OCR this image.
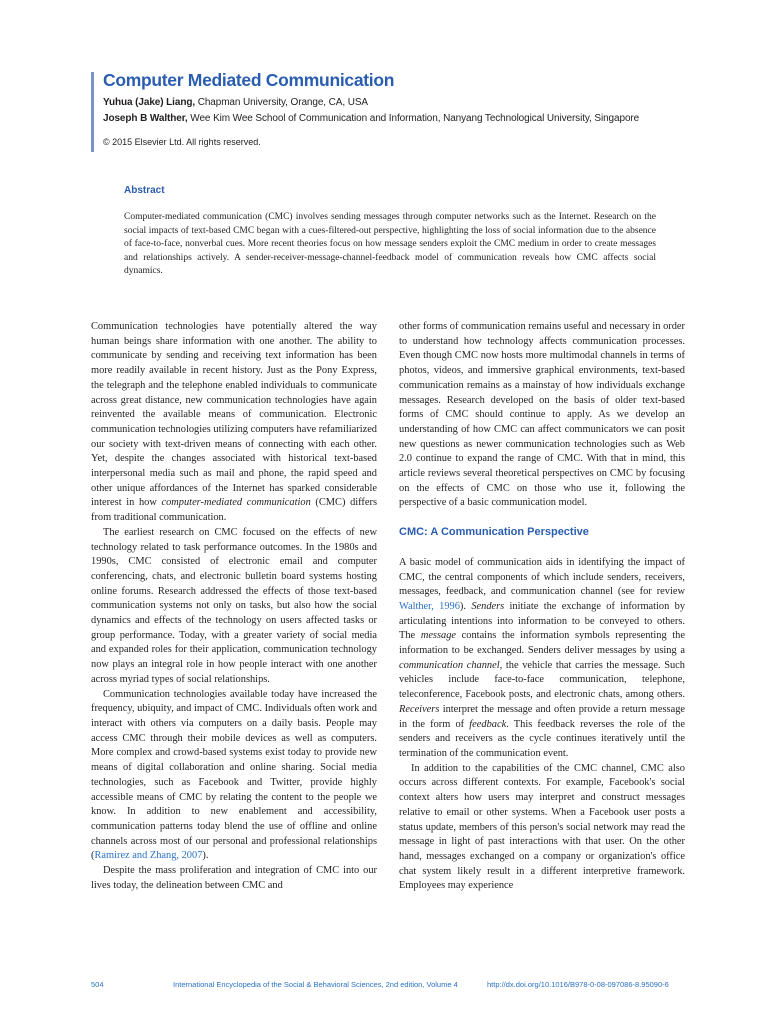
Computer Mediated Communication
Yuhua (Jake) Liang, Chapman University, Orange, CA, USA
Joseph B Walther, Wee Kim Wee School of Communication and Information, Nanyang Technological University, Singapore
© 2015 Elsevier Ltd. All rights reserved.
Abstract

Computer-mediated communication (CMC) involves sending messages through computer networks such as the Internet. Research on the social impacts of text-based CMC began with a cues-filtered-out perspective, highlighting the loss of social information due to the absence of face-to-face, nonverbal cues. More recent theories focus on how message senders exploit the CMC medium in order to create messages and relationships actively. A sender-receiver-message-channel-feedback model of communication reveals how CMC affects social dynamics.

Communication technologies have potentially altered the way human beings share information with one another. The ability to communicate by sending and receiving text information has been more readily available in recent history. Just as the Pony Express, the telegraph and the telephone enabled individuals to communicate across great distance, new communication technologies have again reinvented the available means of communication. Electronic communication technologies utilizing computers have refamiliarized our society with text-driven means of connecting with each other. Yet, despite the changes associated with historical text-based interpersonal media such as mail and phone, the rapid speed and other unique affordances of the Internet has sparked considerable interest in how computer-mediated communication (CMC) differs from traditional communication.

The earliest research on CMC focused on the effects of new technology related to task performance outcomes. In the 1980s and 1990s, CMC consisted of electronic email and computer conferencing, chats, and electronic bulletin board systems hosting online forums. Research addressed the effects of those text-based communication systems not only on tasks, but also how the social dynamics and effects of the technology on users affected tasks or group performance. Today, with a greater variety of social media and expanded roles for their application, communication technology now plays an integral role in how people interact with one another across myriad types of social relationships.

Communication technologies available today have increased the frequency, ubiquity, and impact of CMC. Individuals often work and interact with others via computers on a daily basis. People may access CMC through their mobile devices as well as computers. More complex and crowd-based systems exist today to provide new means of digital collaboration and online sharing. Social media technologies, such as Facebook and Twitter, provide highly accessible means of CMC by relating the content to the people we know. In addition to new enablement and accessibility, communication patterns today blend the use of offline and online channels across most of our personal and professional relationships (Ramirez and Zhang, 2007).

Despite the mass proliferation and integration of CMC into our lives today, the delineation between CMC and

other forms of communication remains useful and necessary in order to understand how technology affects communication processes. Even though CMC now hosts more multimodal channels in terms of photos, videos, and immersive graphical environments, text-based communication remains as a mainstay of how individuals exchange messages. Research developed on the basis of older text-based forms of CMC should continue to apply. As we develop an understanding of how CMC can affect communicators we can posit new questions as newer communication technologies such as Web 2.0 continue to expand the range of CMC. With that in mind, this article reviews several theoretical perspectives on CMC by focusing on the effects of CMC on those who use it, following the perspective of a basic communication model.

CMC: A Communication Perspective

A basic model of communication aids in identifying the impact of CMC, the central components of which include senders, receivers, messages, feedback, and communication channel (see for review Walther, 1996). Senders initiate the exchange of information by articulating intentions into information to be conveyed to others. The message contains the information symbols representing the information to be exchanged. Senders deliver messages by using a communication channel, the vehicle that carries the message. Such vehicles include face-to-face communication, telephone, teleconference, Facebook posts, and electronic chats, among others. Receivers interpret the message and often provide a return message in the form of feedback. This feedback reverses the role of the senders and receivers as the cycle continues iteratively until the termination of the communication event.

In addition to the capabilities of the CMC channel, CMC also occurs across different contexts. For example, Facebook's social context alters how users may interpret and construct messages relative to email or other systems. When a Facebook user posts a status update, members of this person's social network may read the message in light of past interactions with that user. On the other hand, messages exchanged on a company or organization's office chat system likely result in a different interpretive framework. Employees may experience

504	International Encyclopedia of the Social & Behavioral Sciences, 2nd edition, Volume 4	http://dx.doi.org/10.1016/B978-0-08-097086-8.95090-6
